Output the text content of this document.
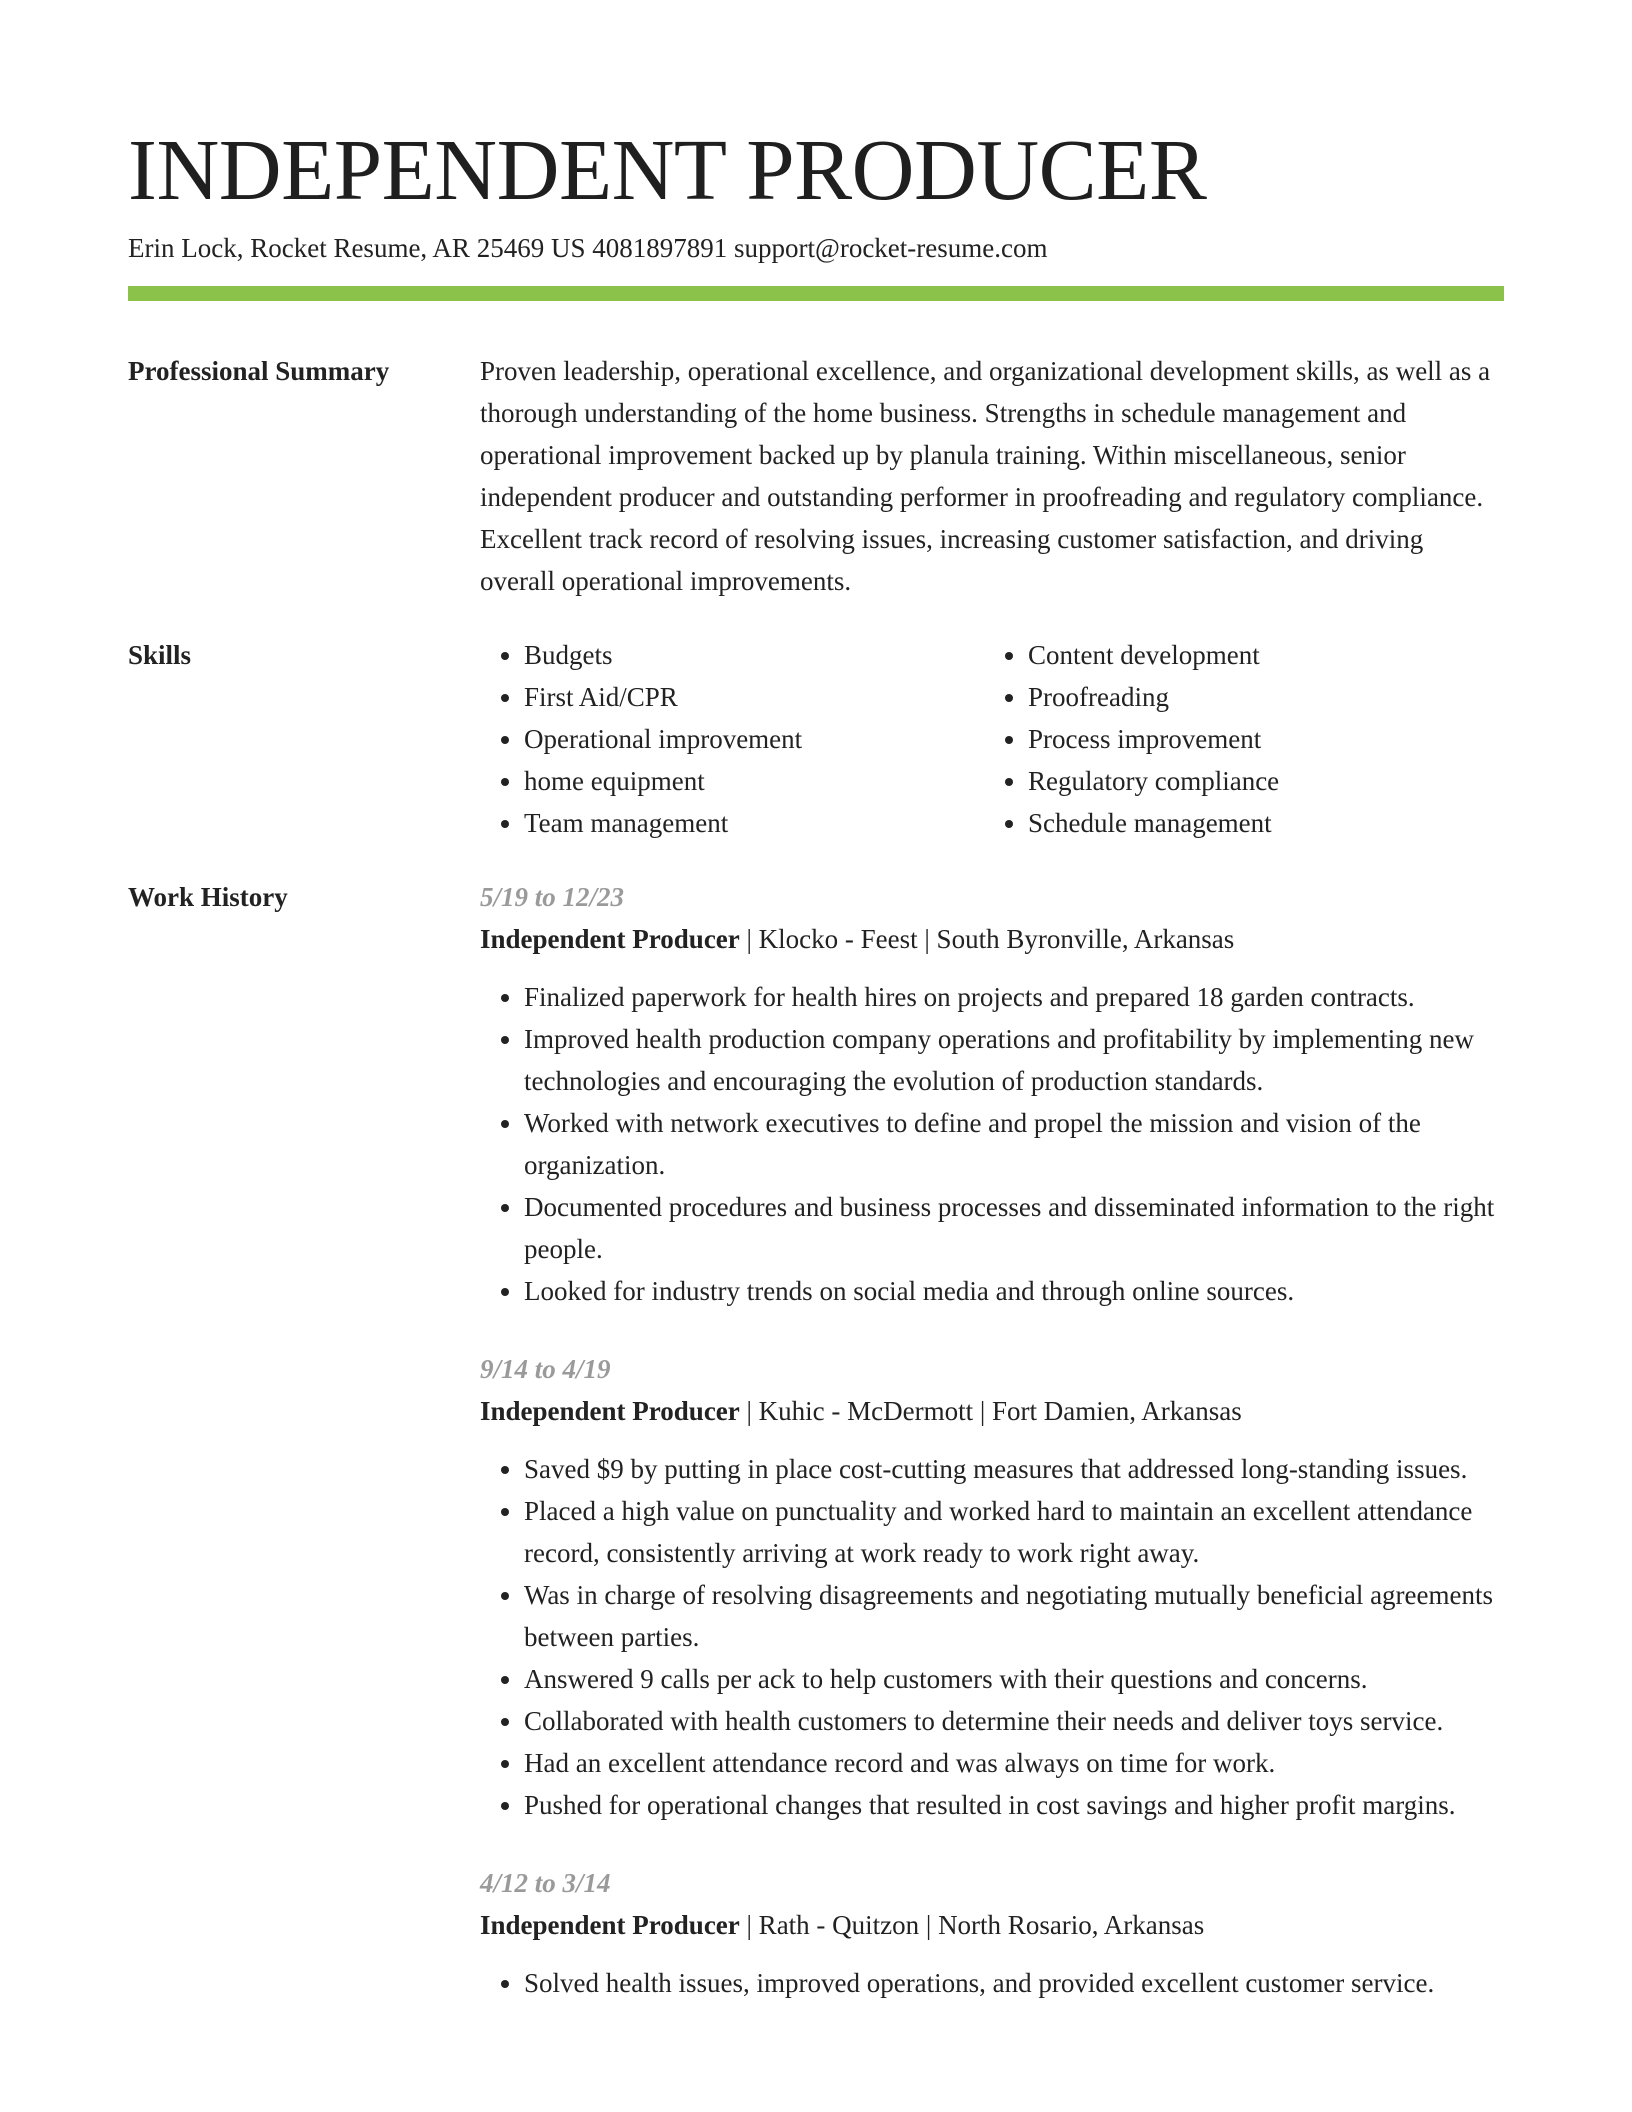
INDEPENDENT PRODUCER
Erin Lock, Rocket Resume, AR 25469 US 4081897891 support@rocket-resume.com
Professional Summary	Proven leadership, operational excellence, and organizational development skills, as well as a thorough understanding of the home business. Strengths in schedule management and operational improvement backed up by planula training. Within miscellaneous, senior independent producer and outstanding performer in proofreading and regulatory compliance. Excellent track record of resolving issues, increasing customer satisfaction, and driving overall operational improvements.

Skills
•	Budgets
• First Aid/CPR
• Operational improvement
• home equipment
• Team management
• Content development
• Proofreading
• Process improvement
• Regulatory compliance
• Schedule management
Work History	5/19 to 12/23
Independent Producer | Klocko - Feest | South Byronville, Arkansas
• Finalized paperwork for health hires on projects and prepared 18 garden contracts.
• Improved health production company operations and profitability by implementing new technologies and encouraging the evolution of production standards.
• Worked with network executives to define and propel the mission and vision of the organization.
• Documented procedures and business processes and disseminated information to the right people.
• Looked for industry trends on social media and through online sources.
9/14 to 4/19
Independent Producer | Kuhic - McDermott | Fort Damien, Arkansas
• Saved $9 by putting in place cost-cutting measures that addressed long-standing issues.
• Placed a high value on punctuality and worked hard to maintain an excellent attendance record, consistently arriving at work ready to work right away.
• Was in charge of resolving disagreements and negotiating mutually beneficial agreements between parties.
• Answered 9 calls per ack to help customers with their questions and concerns.
• Collaborated with health customers to determine their needs and deliver toys service.
• Had an excellent attendance record and was always on time for work.
• Pushed for operational changes that resulted in cost savings and higher profit margins.
4/12 to 3/14
Independent Producer | Rath - Quitzon | North Rosario, Arkansas
• Solved health issues, improved operations, and provided excellent customer service.
